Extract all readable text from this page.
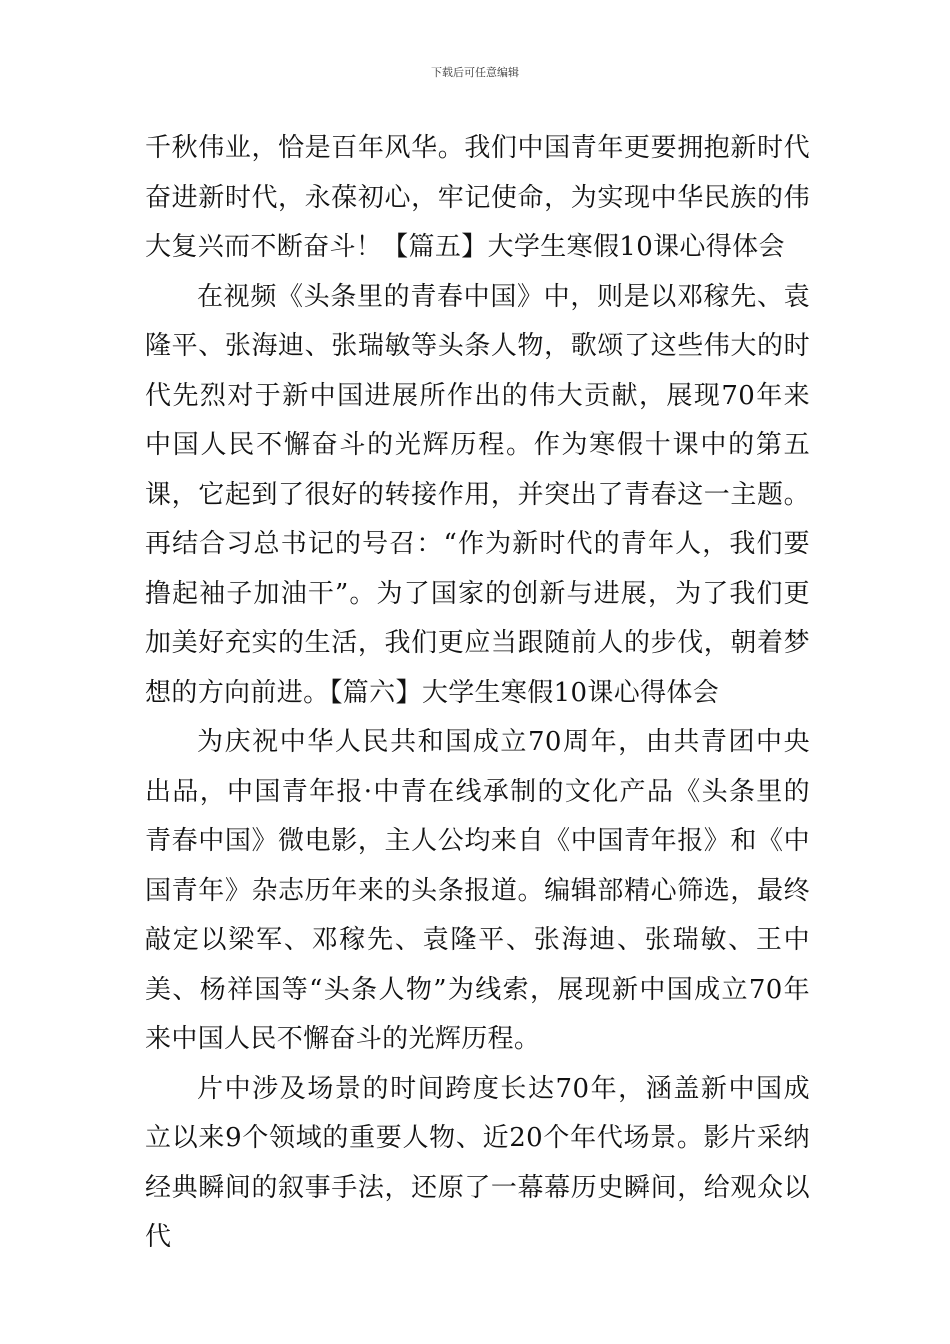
下载后可任意编辑

千秋伟业，恰是百年风华。我们中国青年更要拥抱新时代奋进新时代，永葆初心，牢记使命，为实现中华民族的伟大复兴而不断奋斗！【篇五】大学生寒假10课心得体会

在视频《头条里的青春中国》中，则是以邓稼先、袁隆平、张海迪、张瑞敏等头条人物，歌颂了这些伟大的时代先烈对于新中国进展所作出的伟大贡献，展现70年来中国人民不懈奋斗的光辉历程。作为寒假十课中的第五课，它起到了很好的转接作用，并突出了青春这一主题。再结合习总书记的号召：“作为新时代的青年人，我们要撸起袖子加油干”。为了国家的创新与进展，为了我们更加美好充实的生活，我们更应当跟随前人的步伐，朝着梦想的方向前进。【篇六】大学生寒假10课心得体会

为庆祝中华人民共和国成立70周年，由共青团中央出品，中国青年报·中青在线承制的文化产品《头条里的青春中国》微电影，主人公均来自《中国青年报》和《中国青年》杂志历年来的头条报道。编辑部精心筛选，最终敲定以梁军、邓稼先、袁隆平、张海迪、张瑞敏、王中美、杨祥国等“头条人物”为线索，展现新中国成立70年来中国人民不懈奋斗的光辉历程。

片中涉及场景的时间跨度长达70年，涵盖新中国成立以来9个领域的重要人物、近20个年代场景。影片采纳经典瞬间的叙事手法，还原了一幕幕历史瞬间，给观众以代
